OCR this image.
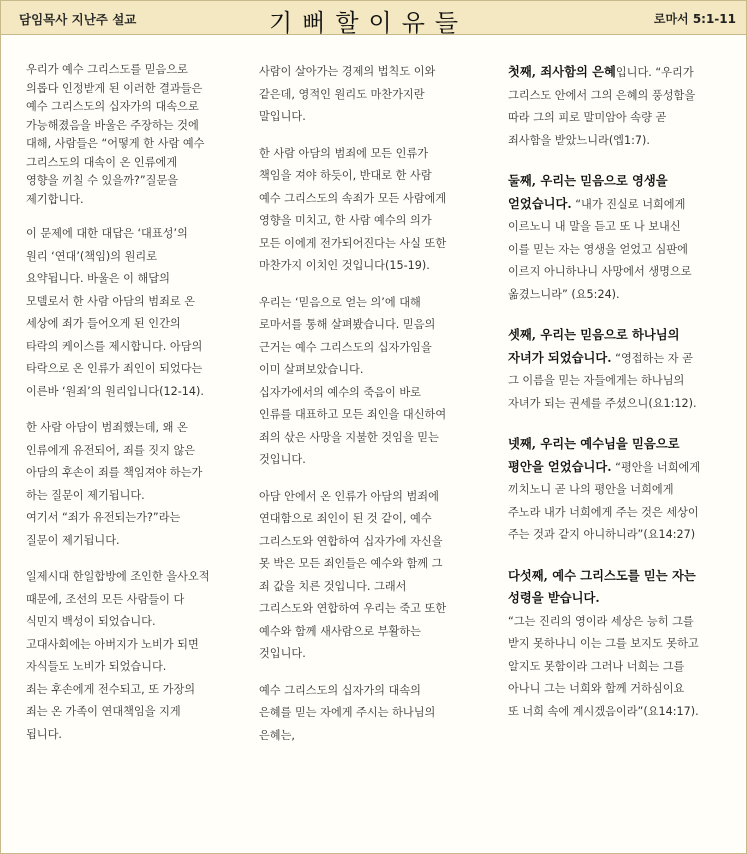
담임목사 지난주 설교	기뻐할이유들	로마서 5:1-11

우리가 예수 그리스도를 믿음으로
의롭다 인정받게 된 이러한 결과들은
예수 그리스도의 십자가의 대속으로
가능해졌음을 바울은 주장하는 것에
대해, 사람들은 “어떻게 한 사람 예수
그리스도의 대속이 온 인류에게
영향을 끼칠 수 있을까?”질문을
제기합니다.

이 문제에 대한 대답은 ‘대표성’의
원리 ‘연대’(책임)의 원리로
요약됩니다. 바울은 이 해답의
모델로서 한 사람 아담의 범죄로 온
세상에 죄가 들어오게 된 인간의
타락의 케이스를 제시합니다. 아담의
타락으로 온 인류가 죄인이 되었다는
이른바 ‘원죄’의 원리입니다(12-14).

한 사람 아담이 범죄했는데, 왜 온
인류에게 유전되어, 죄를 짓지 않은
아담의 후손이 죄를 책임져야 하는가
하는 질문이 제기됩니다.

여기서 “죄가 유전되는가?”라는
질문이 제기됩니다.

일제시대 한일합방에 조인한 을사오적
때문에, 조선의 모든 사람들이 다
식민지 백성이 되었습니다.

고대사회에는 아버지가 노비가 되면
자식들도 노비가 되었습니다.

죄는 후손에게 전수되고, 또 가장의
죄는 온 가족이 연대책임을 지게
됩니다.

사람이 살아가는 경제의 법칙도 이와
같은데, 영적인 원리도 마찬가지란
말입니다.

한 사람 아담의 범죄에 모든 인류가
책임을 져야 하듯이, 반대로 한 사람
예수 그리스도의 속죄가 모든 사람에게
영향을 미치고, 한 사람 예수의 의가
모든 이에게 전가되어진다는 사실 또한
마찬가지 이치인 것입니다(15-19).

우리는 ‘믿음으로 얻는 의’에 대해
로마서를 통해 살펴봤습니다. 믿음의
근거는 예수 그리스도의 십자가임을
이미 살펴보았습니다.

십자가에서의 예수의 죽음이 바로
인류를 대표하고 모든 죄인을 대신하여
죄의 삯은 사망을 지불한 것임을 믿는
것입니다.

아담 안에서 온 인류가 아담의 범죄에
연대함으로 죄인이 된 것 같이, 예수
그리스도와 연합하여 십자가에 자신을
못 박은 모든 죄인들은 예수와 함께 그
죄 값을 치른 것입니다. 그래서
그리스도와 연합하여 우리는 죽고 또한
예수와 함께 새사람으로 부활하는
것입니다.

예수 그리스도의 십자가의 대속의
은혜를 믿는 자에게 주시는 하나님의
은혜는,

첫째, 죄사함의 은혜입니다. “우리가
그리스도 안에서 그의 은혜의 풍성함을
따라 그의 피로 말미암아 속량 곧
죄사함을 받았느니라(엡1:7).
둘째, 우리는 믿음으로 영생을
얻었습니다. “내가 진실로 너희에게
이르노니 내 말을 듣고 또 나 보내신
이를 믿는 자는 영생을 얻었고 심판에
이르지 아니하나니 사망에서 생명으로
옮겼느니라” (요5:24).
셋째, 우리는 믿음으로 하나님의
자녀가 되었습니다. “영접하는 자 곧
그 이름을 믿는 자들에게는 하나님의
자녀가 되는 권세를 주셨으니(요1:12).
넷째, 우리는 예수님을 믿음으로
평안을 얻었습니다. “평안을 너희에게
끼치노니 곧 나의 평안을 너희에게
주노라 내가 너희에게 주는 것은 세상이
주는 것과 같지 아니하니라”(요14:27)
다섯째, 예수 그리스도를 믿는 자는
성령을 받습니다.
“그는 진리의 영이라 세상은 능히 그를
받지 못하나니 이는 그를 보지도 못하고
알지도 못함이라 그러나 너희는 그를
아나니 그는 너희와 함께 거하심이요
또 너희 속에 계시겠음이라”(요14:17).
